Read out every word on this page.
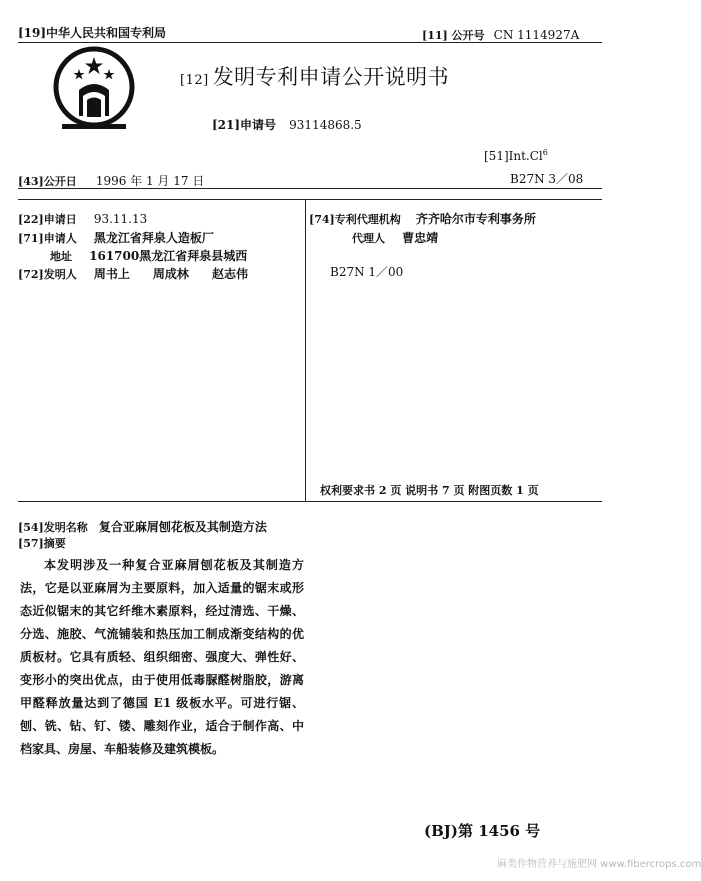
[19]中华人民共和国专利局	[11] 公开号 CN 1114927A
[12] 发明专利申请公开说明书
[21]申请号 93114868.5
[51]Int.Cl$^6$
[43]公开日 1996 年 1 月 17 日	B27N 3／08
[22]申请日 93.11.13
[71]申请人 黑龙江省拜泉人造板厂
地址 161700黑龙江省拜泉县城西
[72]发明人 周书上 周成林 赵志伟
[74]专利代理机构 齐齐哈尔市专利事务所
代理人 曹忠靖
B27N 1／00
权利要求书 2 页 说明书 7 页 附图页数 1 页
[54]发明名称 复合亚麻屑刨花板及其制造方法
[57]摘要

本发明涉及一种复合亚麻屑刨花板及其制造方法，它是以亚麻屑为主要原料，加入适量的锯末或形态近似锯末的其它纤维木素原料，经过清选、干燥、分选、施胶、气流铺装和热压加工制成渐变结构的优质板材。它具有质轻、组织细密、强度大、弹性好、变形小的突出优点，由于使用低毒脲醛树脂胶，游离甲醛释放量达到了德国 E1 级板水平。可进行锯、刨、铣、钻、钉、镂、雕刻作业，适合于制作高、中档家具、房屋、车船装修及建筑模板。

(BJ)第 1456 号
麻类作物营养与施肥网 www.fibercrops.com
